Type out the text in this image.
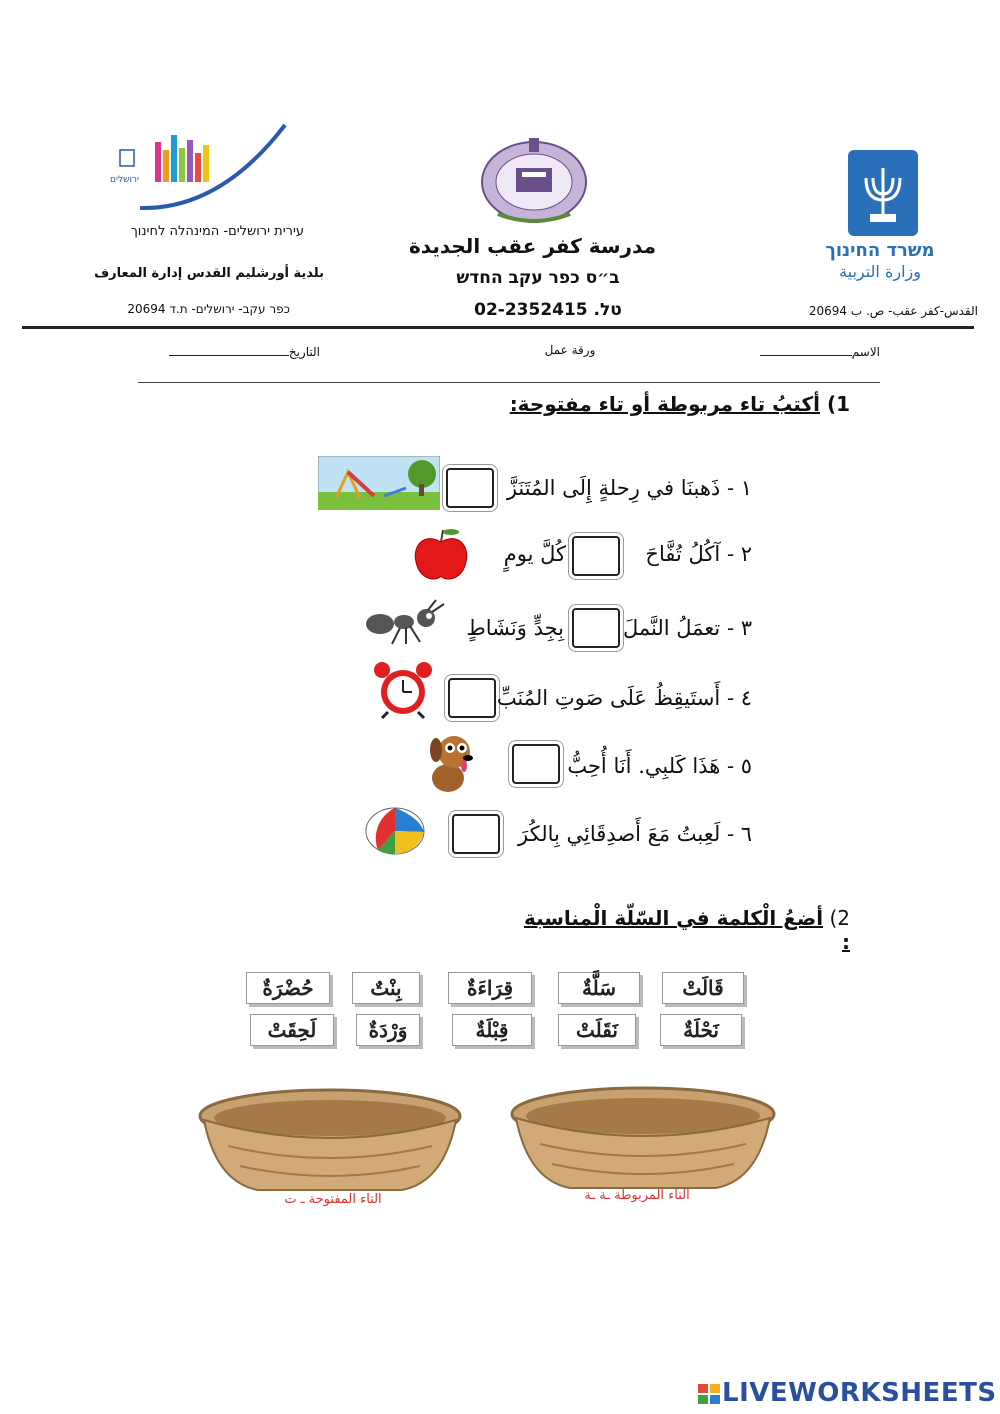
ירושלים
עירית ירושלים- המינהלה לחינוך
بلدية أورشليم القدس إدارة المعارف
כפר עקב- ירושלים- ת.ד 20694
مدرسة كفر عقب الجديدة
ב״ס כפר עקב החדש
טל. 02-2352415
משרד החינוך
وزارة التربية
القدس-كفر عقب- ص. ب 20694
الاسم
ورقة عمل
التاريخ
1) أكتبُ تاء مربوطة أو تاء مفتوحة:
١ - ذَهبنَا في رِحلةٍ إِلَى المُتَنَزَّ
كُلَّ يومٍ	٢ - آكُلُ تُفَّاحَ
بِجِدٍّ وَنَشَاطٍ	٣ - تعمَلُ النَّملَ
٤ - أَستَيقِظُ عَلَى صَوتِ المُنَبِّ
٥ - هَذَا كَلبِي. أَنَا أُحِبُّ
٦ - لَعِبتُ مَعَ أَصدِقَائِي بِالكُرَ
2) أضعُ الْكلمة في السّلّة الْمناسبة :
قَالَتْ
سَلَّةٌ
قِرَاءَةٌ
بِنْتٌ
حُضْرَةٌ
نَحْلَةٌ
نَقَلَتْ
قِبْلَةٌ
وَرْدَةٌ
لَحِقَتْ
التاء المفتوحة ـ ت	التاء المربوطة ـة ـة
LIVEWORKSHEETS
